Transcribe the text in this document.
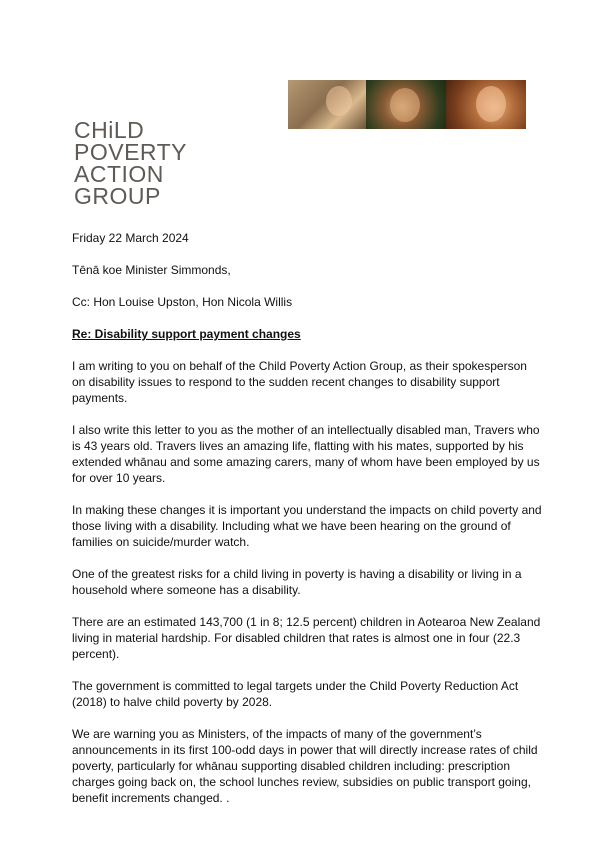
CHiLD
POVERTY
ACTION
GROUP

Friday 22 March 2024

Tēnā koe Minister Simmonds,

Cc: Hon Louise Upston, Hon Nicola Willis

Re: Disability support payment changes

I am writing to you on behalf of the Child Poverty Action Group, as their spokesperson on disability issues to respond to the sudden recent changes to disability support payments.

I also write this letter to you as the mother of an intellectually disabled man, Travers who is 43 years old. Travers lives an amazing life, flatting with his mates, supported by his extended whānau and some amazing carers, many of whom have been employed by us for over 10 years.

In making these changes it is important you understand the impacts on child poverty and those living with a disability. Including what we have been hearing on the ground of families on suicide/murder watch.

One of the greatest risks for a child living in poverty is having a disability or living in a household where someone has a disability.

There are an estimated 143,700 (1 in 8; 12.5 percent) children in Aotearoa New Zealand living in material hardship. For disabled children that rates is almost one in four (22.3 percent).

The government is committed to legal targets under the Child Poverty Reduction Act (2018) to halve child poverty by 2028.

We are warning you as Ministers, of the impacts of many of the government’s announcements in its first 100-odd days in power that will directly increase rates of child poverty, particularly for whānau supporting disabled children including: prescription charges going back on, the school lunches review, subsidies on public transport going, benefit increments changed. .
